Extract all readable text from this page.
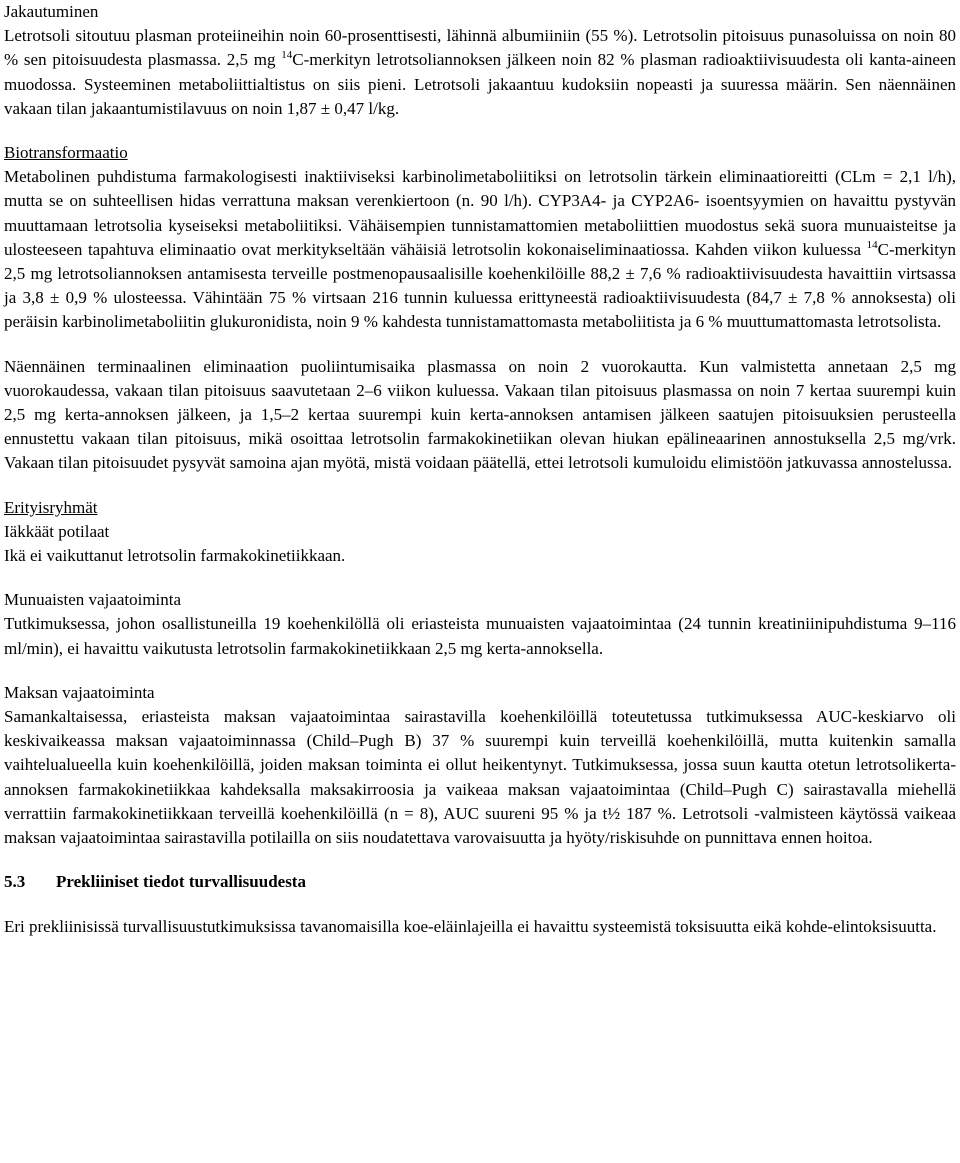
Jakautuminen

Letrotsoli sitoutuu plasman proteiineihin noin 60-prosenttisesti, lähinnä albumiiniin (55 %). Letrotsolin pitoisuus punasoluissa on noin 80 % sen pitoisuudesta plasmassa. 2,5 mg $^{14}$C-merkityn letrotsoliannoksen jälkeen noin 82 % plasman radioaktiivisuudesta oli kanta-aineen muodossa. Systeeminen metaboliittialtistus on siis pieni. Letrotsoli jakaantuu kudoksiin nopeasti ja suuressa määrin. Sen näennäinen vakaan tilan jakaantumistilavuus on noin 1,87 ± 0,47 l/kg.

Biotransformaatio

Metabolinen puhdistuma farmakologisesti inaktiiviseksi karbinolimetaboliitiksi on letrotsolin tärkein eliminaatioreitti (CLm = 2,1 l/h), mutta se on suhteellisen hidas verrattuna maksan verenkiertoon (n. 90 l/h). CYP3A4- ja CYP2A6- isoentsyymien on havaittu pystyvän muuttamaan letrotsolia kyseiseksi metaboliitiksi. Vähäisempien tunnistamattomien metaboliittien muodostus sekä suora munuaisteitse ja ulosteeseen tapahtuva eliminaatio ovat merkitykseltään vähäisiä letrotsolin kokonaiseliminaatiossa. Kahden viikon kuluessa $^{14}$C-merkityn 2,5 mg letrotsoliannoksen antamisesta terveille postmenopausaalisille koehenkilöille 88,2 ± 7,6 % radioaktiivisuudesta havaittiin virtsassa ja 3,8 ± 0,9 % ulosteessa. Vähintään 75 % virtsaan 216 tunnin kuluessa erittyneestä radioaktiivisuudesta (84,7 ± 7,8 % annoksesta) oli peräisin karbinolimetaboliitin glukuronidista, noin 9 % kahdesta tunnistamattomasta metaboliitista ja 6 % muuttumattomasta letrotsolista.

Näennäinen terminaalinen eliminaation puoliintumisaika plasmassa on noin 2 vuorokautta. Kun valmistetta annetaan 2,5 mg vuorokaudessa, vakaan tilan pitoisuus saavutetaan 2–6 viikon kuluessa. Vakaan tilan pitoisuus plasmassa on noin 7 kertaa suurempi kuin 2,5 mg kerta-annoksen jälkeen, ja 1,5–2 kertaa suurempi kuin kerta-annoksen antamisen jälkeen saatujen pitoisuuksien perusteella ennustettu vakaan tilan pitoisuus, mikä osoittaa letrotsolin farmakokinetiikan olevan hiukan epälineaarinen annostuksella 2,5 mg/vrk. Vakaan tilan pitoisuudet pysyvät samoina ajan myötä, mistä voidaan päätellä, ettei letrotsoli kumuloidu elimistöön jatkuvassa annostelussa.

Erityisryhmät

Iäkkäät potilaat

Ikä ei vaikuttanut letrotsolin farmakokinetiikkaan.

Munuaisten vajaatoiminta

Tutkimuksessa, johon osallistuneilla 19 koehenkilöllä oli eriasteista munuaisten vajaatoimintaa (24 tunnin kreatiniinipuhdistuma 9–116 ml/min), ei havaittu vaikutusta letrotsolin farmakokinetiikkaan 2,5 mg kerta-annoksella.

Maksan vajaatoiminta

Samankaltaisessa, eriasteista maksan vajaatoimintaa sairastavilla koehenkilöillä toteutetussa tutkimuksessa AUC-keskiarvo oli keskivaikeassa maksan vajaatoiminnassa (Child–Pugh B) 37 % suurempi kuin terveillä koehenkilöillä, mutta kuitenkin samalla vaihtelualueella kuin koehenkilöillä, joiden maksan toiminta ei ollut heikentynyt. Tutkimuksessa, jossa suun kautta otetun letrotsolikerta-annoksen farmakokinetiikkaa kahdeksalla maksakirroosia ja vaikeaa maksan vajaatoimintaa (Child–Pugh C) sairastavalla miehellä verrattiin farmakokinetiikkaan terveillä koehenkilöillä (n = 8), AUC suureni 95 % ja t½ 187 %. Letrotsoli -valmisteen käytössä vaikeaa maksan vajaatoimintaa sairastavilla potilailla on siis noudatettava varovaisuutta ja hyöty/riskisuhde on punnittava ennen hoitoa.

5.3 Prekliiniset tiedot turvallisuudesta

Eri prekliinisissä turvallisuustutkimuksissa tavanomaisilla koe-eläinlajeilla ei havaittu systeemistä toksisuutta eikä kohde-elintoksisuutta.
